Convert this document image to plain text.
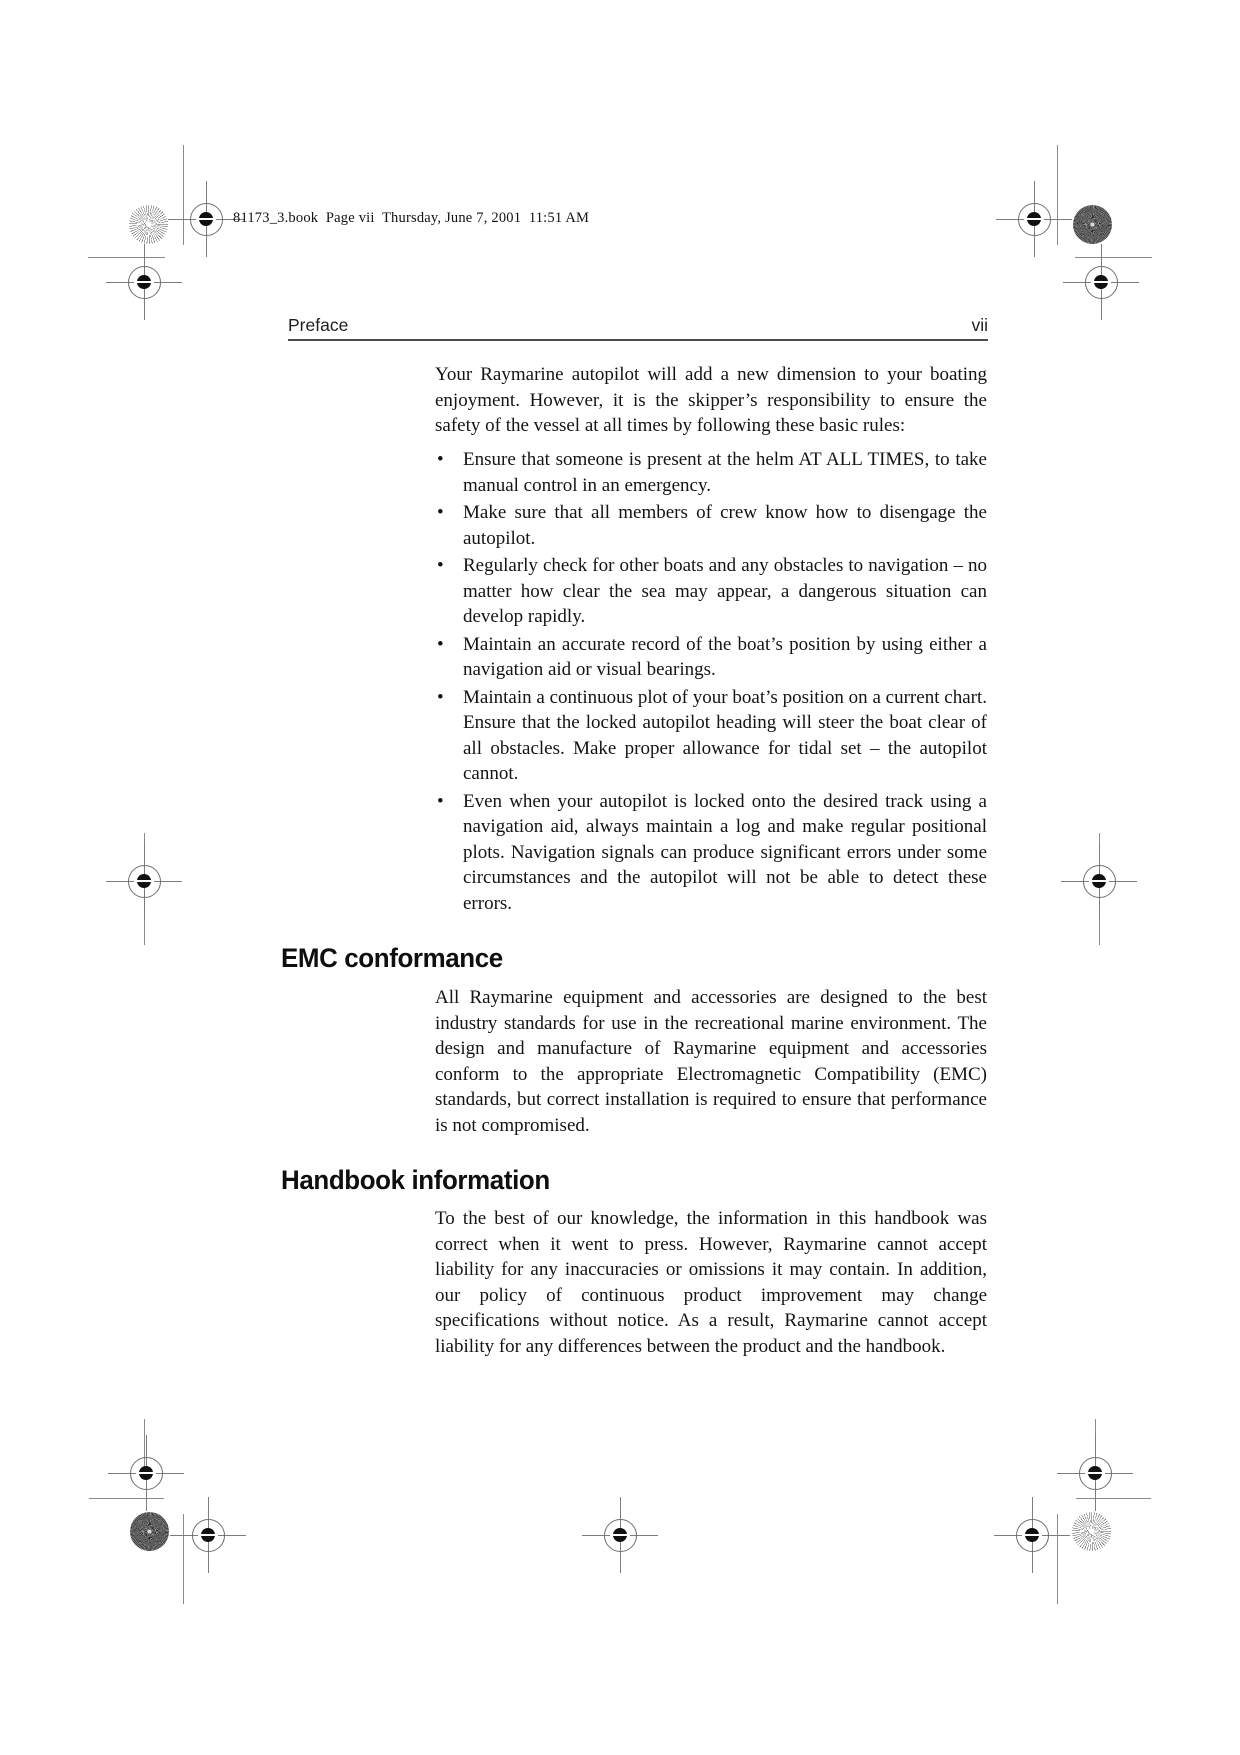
81173_3.book  Page vii  Thursday, June 7, 2001  11:51 AM
Preface	vii
Your Raymarine autopilot will add a new dimension to your boating enjoyment. However, it is the skipper’s responsibility to ensure the safety of the vessel at all times by following these basic rules:
• Ensure that someone is present at the helm AT ALL TIMES, to take manual control in an emergency.
• Make sure that all members of crew know how to disengage the autopilot.
• Regularly check for other boats and any obstacles to navigation – no matter how clear the sea may appear, a dangerous situation can develop rapidly.
• Maintain an accurate record of the boat’s position by using either a navigation aid or visual bearings.
• Maintain a continuous plot of your boat’s position on a current chart. Ensure that the locked autopilot heading will steer the boat clear of all obstacles. Make proper allowance for tidal set – the autopilot cannot.
• Even when your autopilot is locked onto the desired track using a navigation aid, always maintain a log and make regular positional plots. Navigation signals can produce significant errors under some circumstances and the autopilot will not be able to detect these errors.
EMC conformance
All Raymarine equipment and accessories are designed to the best industry standards for use in the recreational marine environment. The design and manufacture of Raymarine equipment and accessories conform to the appropriate Electromagnetic Compatibility (EMC) standards, but correct installation is required to ensure that performance is not compromised.
Handbook information
To the best of our knowledge, the information in this handbook was correct when it went to press. However, Raymarine cannot accept liability for any inaccuracies or omissions it may contain. In addition, our policy of continuous product improvement may change specifications without notice. As a result, Raymarine cannot accept liability for any differences between the product and the handbook.
